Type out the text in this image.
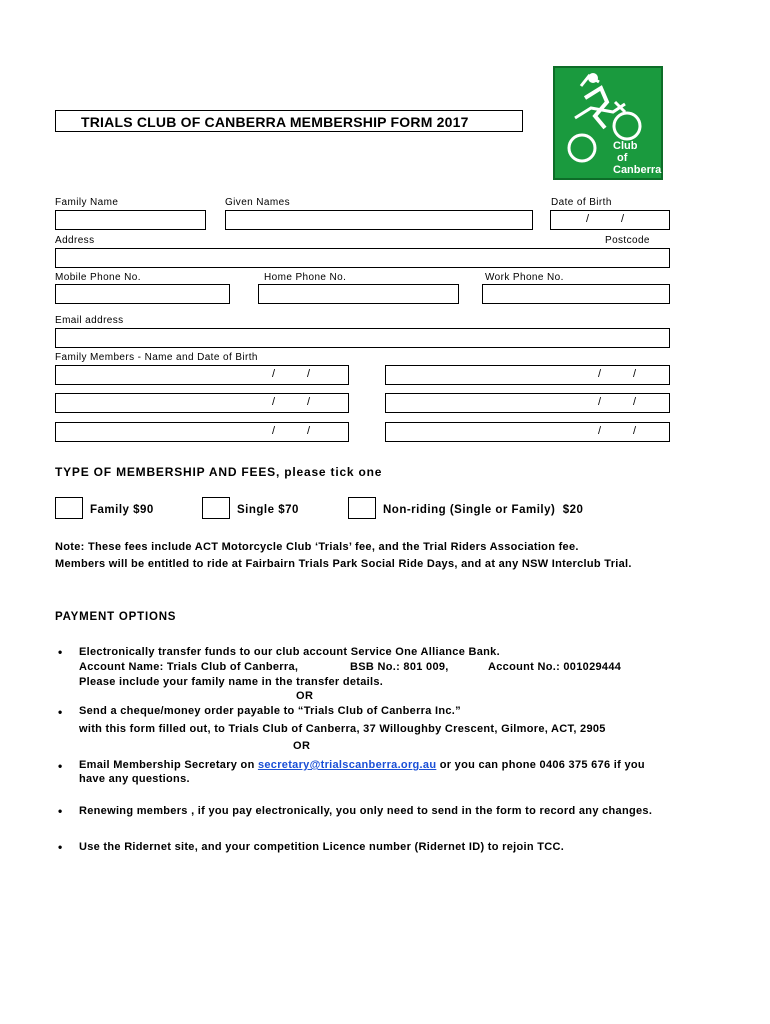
TRIALS CLUB OF CANBERRA MEMBERSHIP FORM 2017
Club
of
Canberra
Family Name	Given Names	Date of Birth
/	/
Address	Postcode
Mobile Phone No.	Home Phone No.	Work Phone No.
Email address
Family Members - Name and Date of Birth
/	/	/	/
/	/	/	/
/	/	/	/
TYPE OF MEMBERSHIP AND FEES, please tick one
Family $90	Single $70	Non-riding (Single or Family)  $20
Note: These fees include ACT Motorcycle Club ‘Trials’ fee, and the Trial Riders Association fee.
Members will be entitled to ride at Fairbairn Trials Park Social Ride Days, and at any NSW Interclub Trial.
PAYMENT OPTIONS
• Electronically transfer funds to our club account Service One Alliance Bank.
Account Name: Trials Club of Canberra,	BSB No.: 801 009,	Account No.: 001029444
Please include your family name in the transfer details.
OR
• Send a cheque/money order payable to “Trials Club of Canberra Inc.”
with this form filled out, to Trials Club of Canberra, 37 Willoughby Crescent, Gilmore, ACT, 2905
OR
• Email Membership Secretary on secretary@trialscanberra.org.au or you can phone 0406 375 676 if you
have any questions.
• Renewing members , if you pay electronically, you only need to send in the form to record any changes.
• Use the Ridernet site, and your competition Licence number (Ridernet ID) to rejoin TCC.
